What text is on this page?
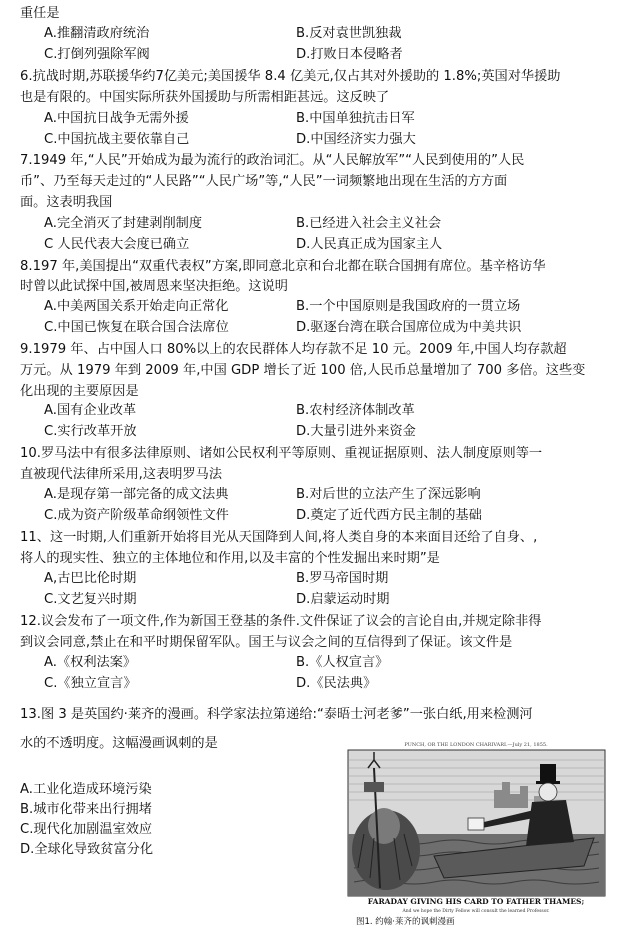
重任是
A.推翻清政府统治	B.反对袁世凯独裁
C.打倒列强除军阀	D.打败日本侵略者
6.抗战时期,苏联援华约7亿美元;美国援华 8.4 亿美元,仅占其对外援助的 1.8%;英国对华援助
也是有限的。中国实际所获外国援助与所需相距甚远。这反映了
A.中国抗日战争无需外援	B.中国单独抗击日军
C.中国抗战主要依靠自己	D.中国经济实力强大
7.1949 年,“人民”开始成为最为流行的政治词汇。从“人民解放军”“人民到使用的”人民
币”、乃至每天走过的“人民路”“人民广场”等,“人民”一词频繁地出现在生活的方方面
面。这表明我国
A.完全消灭了封建剥削制度	B.已经进入社会主义社会
C 人民代表大会度已确立	D.人民真正成为国家主人
8.197 年,美国提出“双重代表权”方案,即同意北京和台北都在联合国拥有席位。基辛格访华
时曾以此试探中国,被周恩来坚决拒绝。这说明
A.中美两国关系开始走向正常化	B.一个中国原则是我国政府的一贯立场
C.中国已恢复在联合国合法席位	D.驱逐台湾在联合国席位成为中美共识
9.1979 年、占中国人口 80%以上的农民群体人均存款不足 10 元。2009 年,中国人均存款超
万元。从 1979 年到 2009 年,中国 GDP 增长了近 100 倍,人民币总量增加了 700 多倍。这些变
化出现的主要原因是
A.国有企业改革	B.农村经济体制改革
C.实行改革开放	D.大量引进外来资金
10.罗马法中有很多法律原则、诸如公民权利平等原则、重视证据原则、法人制度原则等一
直被现代法律所采用,这表明罗马法
A.是现存第一部完备的成文法典	B.对后世的立法产生了深远影响
C.成为资产阶级革命纲领性文件	D.奠定了近代西方民主制的基础
11、这一时期,人们重新开始将目光从天国降到人间,将人类自身的本来面目还给了自身、,
将人的现实性、独立的主体地位和作用,以及丰富的个性发掘出来时期”是
A,古巴比伦时期	B.罗马帝国时期
C.文艺复兴时期	D.启蒙运动时期
12.议会发布了一项文件,作为新国王登基的条件.文件保证了议会的言论自由,并规定除非得
到议会同意,禁止在和平时期保留军队。国王与议会之间的互信得到了保证。该文件是
A.《权利法案》	B.《人权宣言》
C.《独立宣言》	D.《民法典》
13.图 3 是英国约·莱齐的漫画。科学家法拉第递给:“泰晤士河老爹”一张白纸,用来检测河
水的不透明度。这幅漫画讽刺的是
A.工业化造成环境污染
B.城市化带来出行拥堵
C.现代化加剧温室效应
D.全球化导致贫富分化
PUNCH, OR THE LONDON CHARIVARI.—July 21, 1855.
FARADAY GIVING HIS CARD TO FATHER THAMES;
And we hope the Dirty Fellow will consult the learned Professor.
图1. 约翰·莱齐的讽刺漫画
